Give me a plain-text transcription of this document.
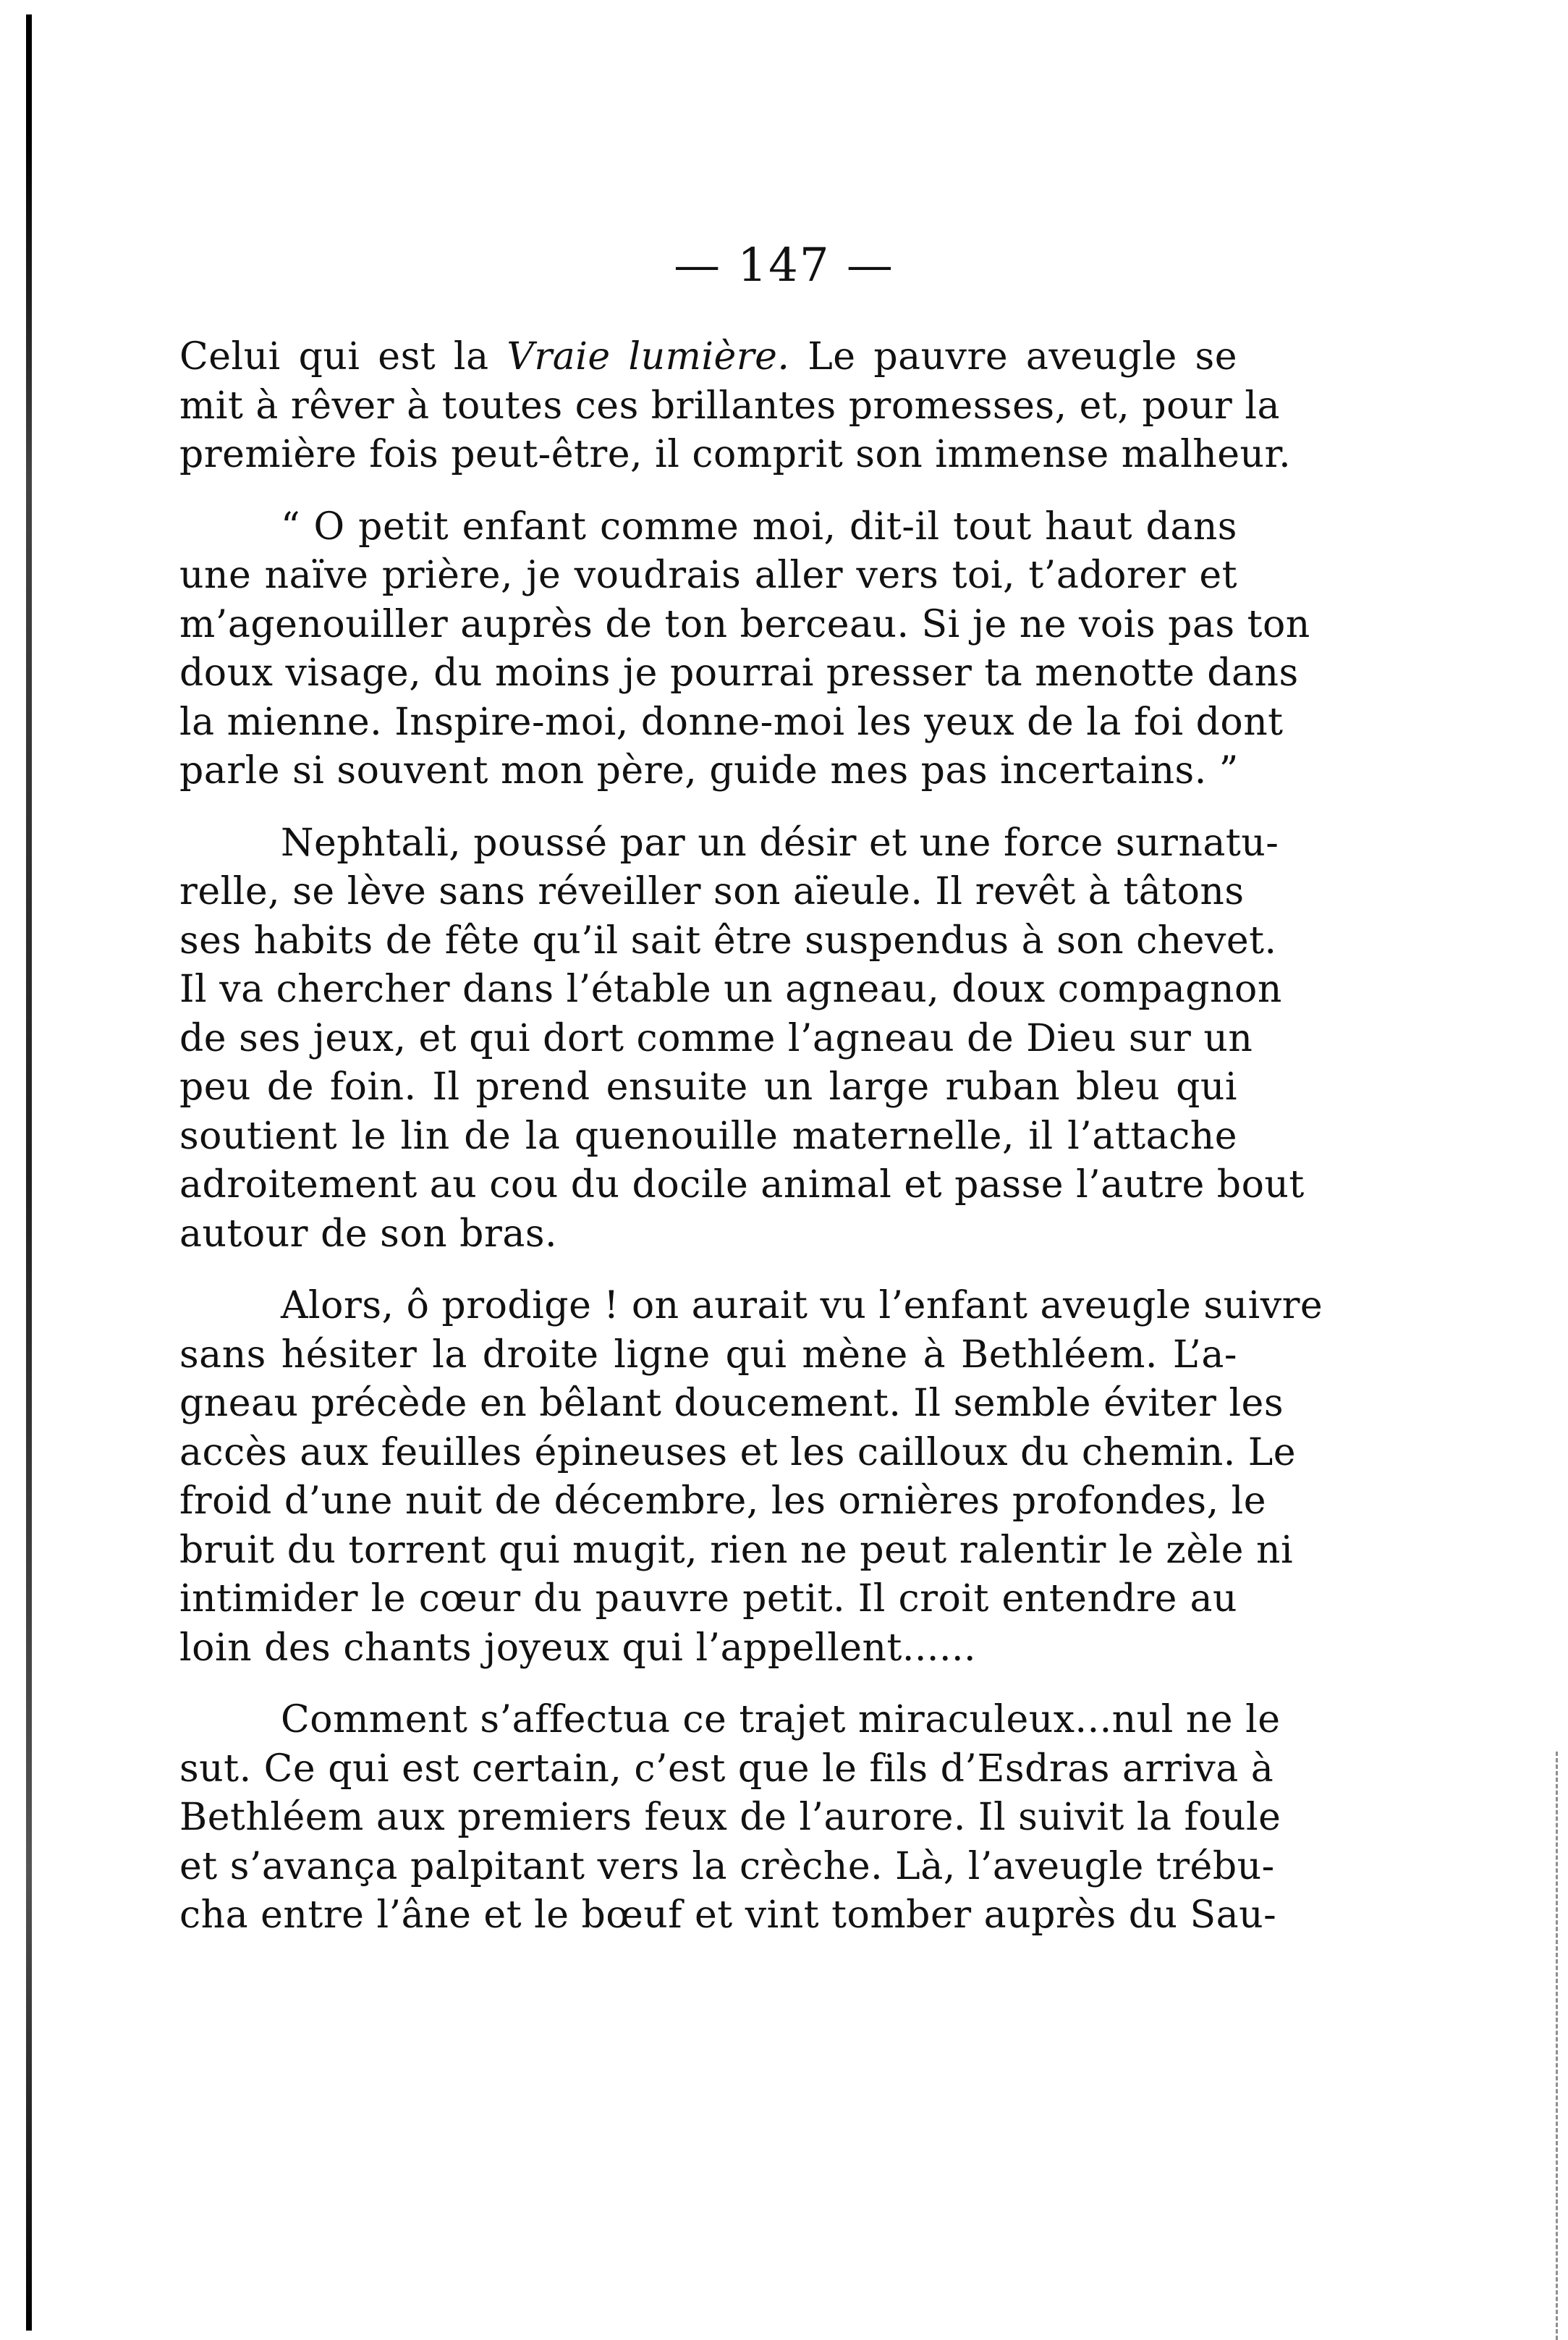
— 147 —

Celui qui est la Vraie lumière. Le pauvre aveugle se
mit à rêver à toutes ces brillantes promesses, et, pour la
première fois peut-être, il comprit son immense malheur.

“ O petit enfant comme moi, dit-il tout haut dans
une naïve prière, je voudrais aller vers toi, t’adorer et
m’agenouiller auprès de ton berceau. Si je ne vois pas ton
doux visage, du moins je pourrai presser ta menotte dans
la mienne. Inspire-moi, donne-moi les yeux de la foi dont
parle si souvent mon père, guide mes pas incertains. ”

Nephtali, poussé par un désir et une force surnatu-
relle, se lève sans réveiller son aïeule. Il revêt à tâtons
ses habits de fête qu’il sait être suspendus à son chevet.
Il va chercher dans l’étable un agneau, doux compagnon
de ses jeux, et qui dort comme l’agneau de Dieu sur un
peu de foin. Il prend ensuite un large ruban bleu qui
soutient le lin de la quenouille maternelle, il l’attache
adroitement au cou du docile animal et passe l’autre bout
autour de son bras.

Alors, ô prodige ! on aurait vu l’enfant aveugle suivre
sans hésiter la droite ligne qui mène à Bethléem. L’a-
gneau précède en bêlant doucement. Il semble éviter les
accès aux feuilles épineuses et les cailloux du chemin. Le
froid d’une nuit de décembre, les ornières profondes, le
bruit du torrent qui mugit, rien ne peut ralentir le zèle ni
intimider le cœur du pauvre petit. Il croit entendre au
loin des chants joyeux qui l’appellent......

Comment s’affectua ce trajet miraculeux...nul ne le
sut. Ce qui est certain, c’est que le fils d’Esdras arriva à
Bethléem aux premiers feux de l’aurore. Il suivit la foule
et s’avança palpitant vers la crèche. Là, l’aveugle trébu-
cha entre l’âne et le bœuf et vint tomber auprès du Sau-
